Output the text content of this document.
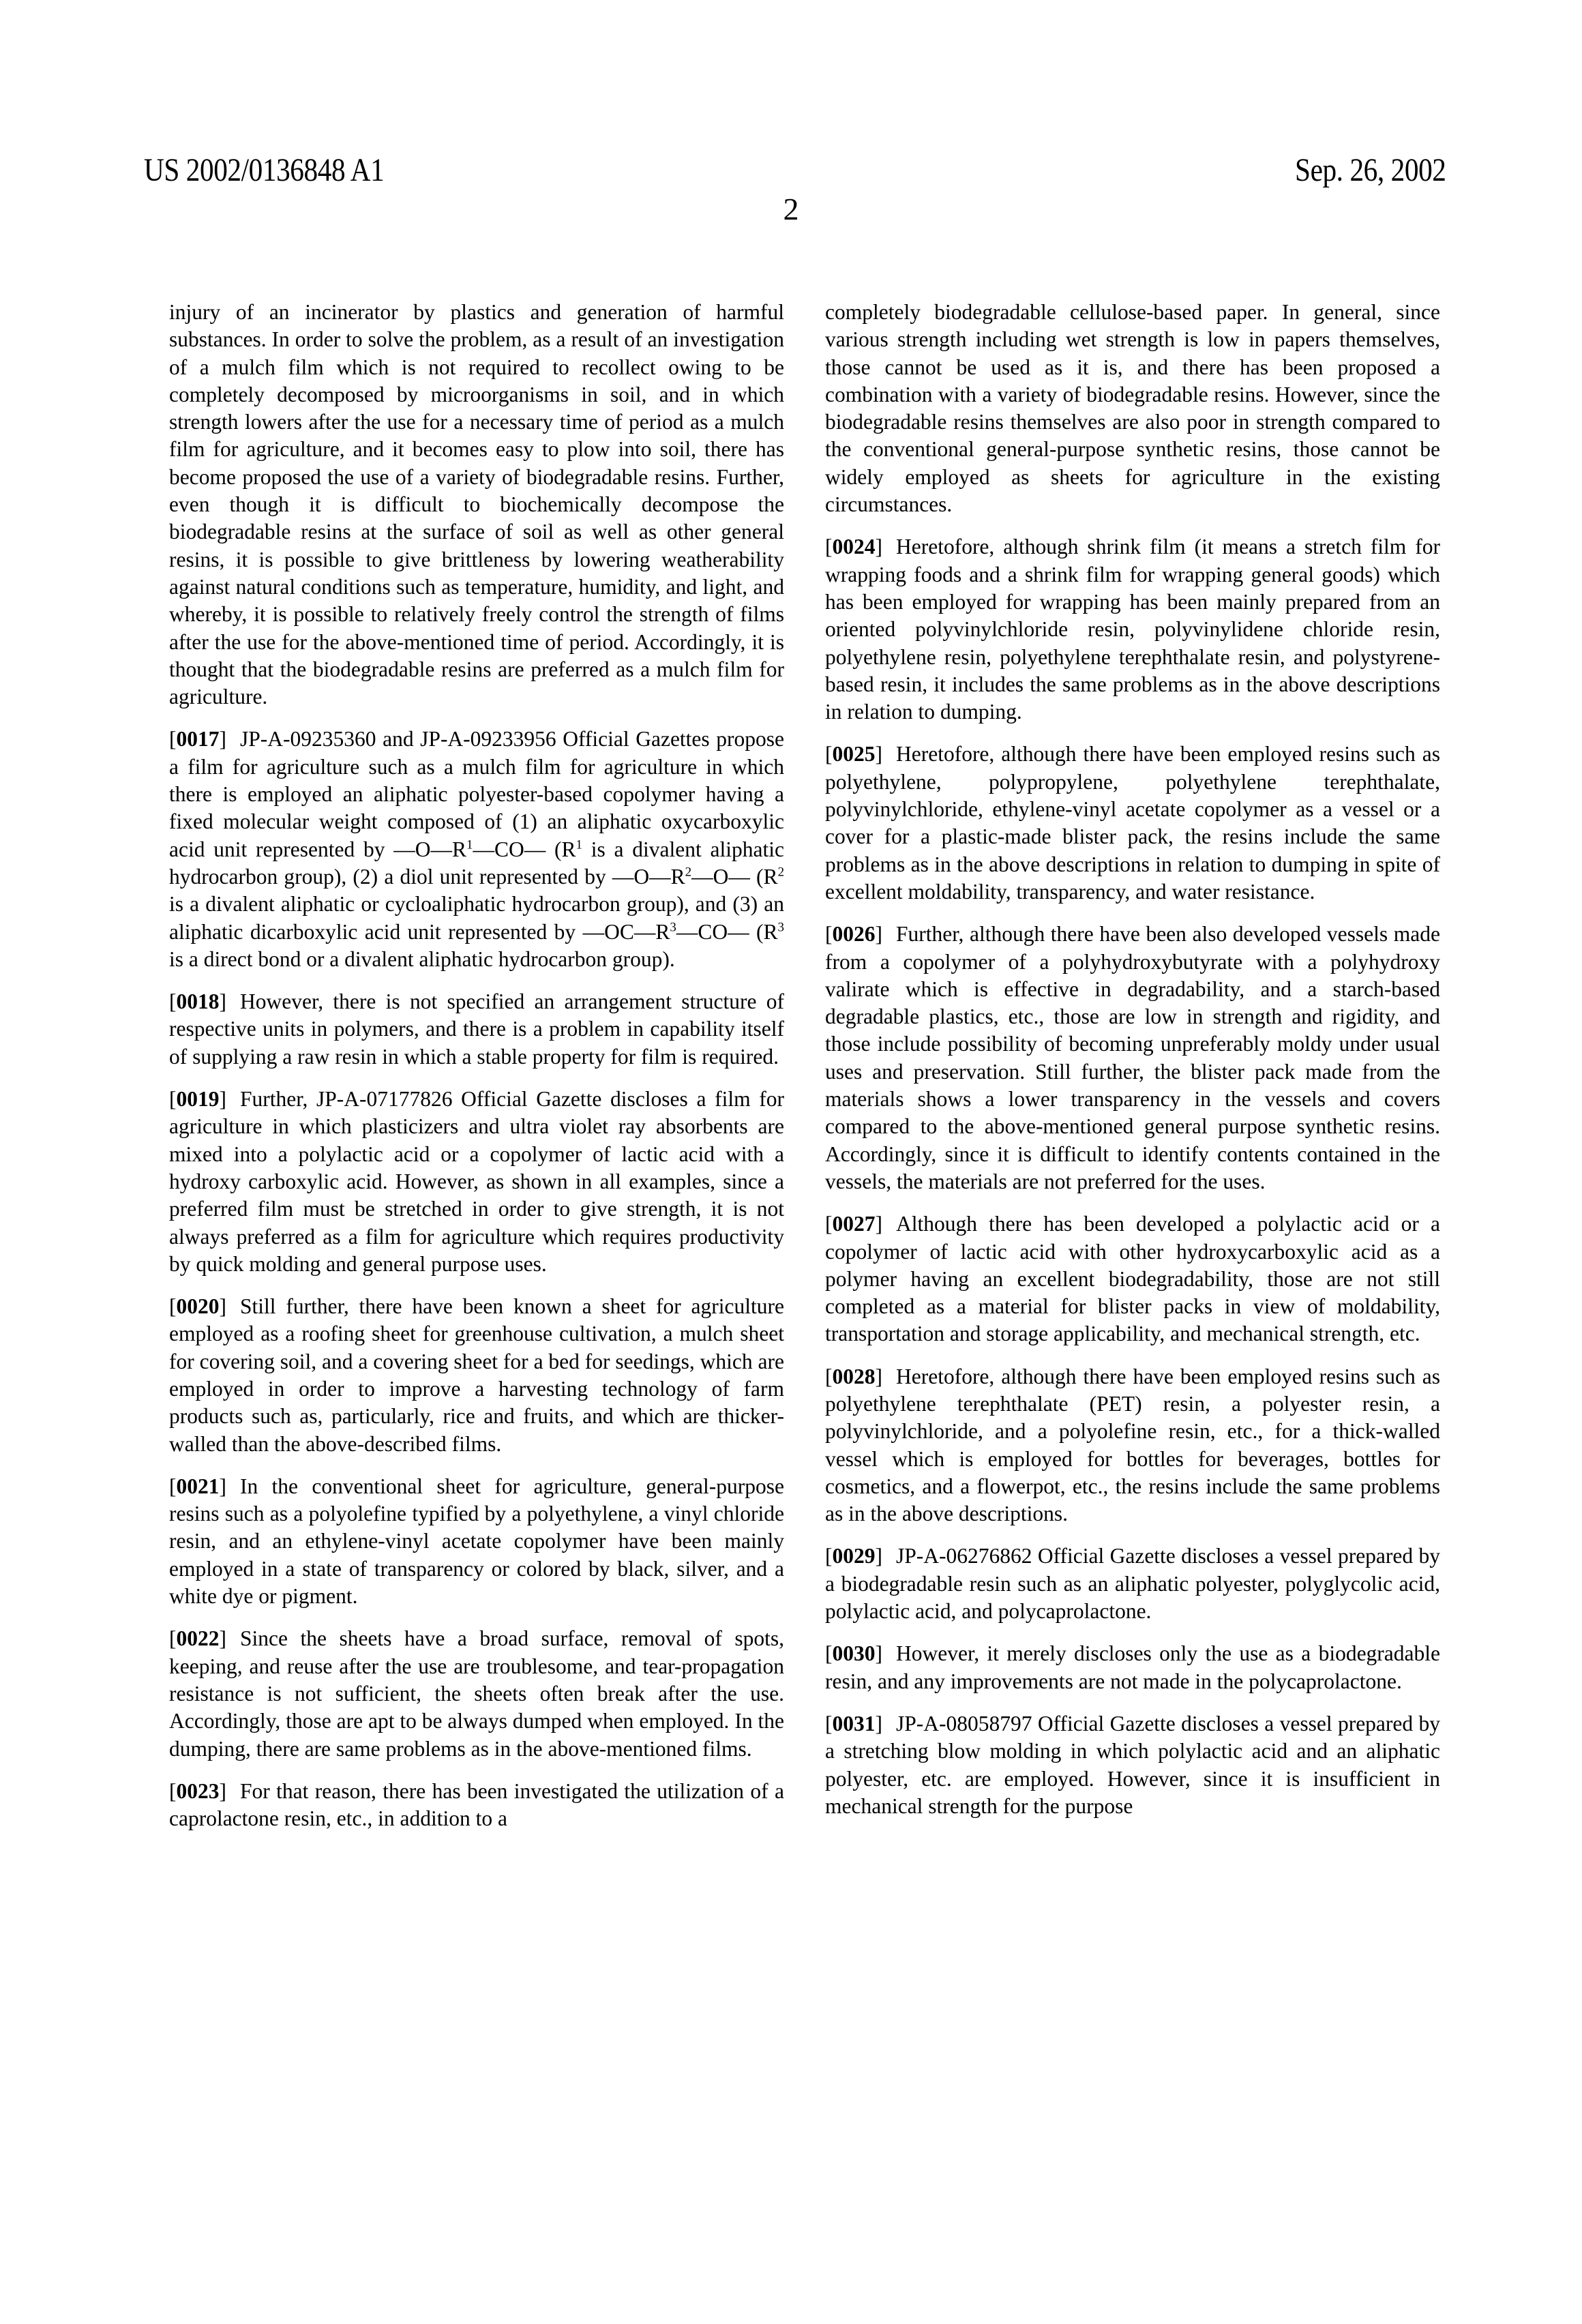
US 2002/0136848 A1	Sep. 26, 2002
2

injury of an incinerator by plastics and generation of harmful substances. In order to solve the problem, as a result of an investigation of a mulch film which is not required to recollect owing to be completely decomposed by microorganisms in soil, and in which strength lowers after the use for a necessary time of period as a mulch film for agriculture, and it becomes easy to plow into soil, there has become proposed the use of a variety of biodegradable resins. Further, even though it is difficult to biochemically decompose the biodegradable resins at the surface of soil as well as other general resins, it is possible to give brittleness by lowering weatherability against natural conditions such as temperature, humidity, and light, and whereby, it is possible to relatively freely control the strength of films after the use for the above-mentioned time of period. Accordingly, it is thought that the biodegradable resins are preferred as a mulch film for agriculture.

[0017] JP-A-09235360 and JP-A-09233956 Official Gazettes propose a film for agriculture such as a mulch film for agriculture in which there is employed an aliphatic polyester-based copolymer having a fixed molecular weight composed of (1) an aliphatic oxycarboxylic acid unit represented by $—O—R^1—CO—$ ($R^1$ is a divalent aliphatic hydrocarbon group), (2) a diol unit represented by $—O—R^2—O—$ ($R^2$ is a divalent aliphatic or cycloaliphatic hydrocarbon group), and (3) an aliphatic dicarboxylic acid unit represented by $—OC—R^3—CO—$ ($R^3$ is a direct bond or a divalent aliphatic hydrocarbon group).

[0018] However, there is not specified an arrangement structure of respective units in polymers, and there is a problem in capability itself of supplying a raw resin in which a stable property for film is required.

[0019] Further, JP-A-07177826 Official Gazette discloses a film for agriculture in which plasticizers and ultra violet ray absorbents are mixed into a polylactic acid or a copolymer of lactic acid with a hydroxy carboxylic acid. However, as shown in all examples, since a preferred film must be stretched in order to give strength, it is not always preferred as a film for agriculture which requires productivity by quick molding and general purpose uses.

[0020] Still further, there have been known a sheet for agriculture employed as a roofing sheet for greenhouse cultivation, a mulch sheet for covering soil, and a covering sheet for a bed for seedings, which are employed in order to improve a harvesting technology of farm products such as, particularly, rice and fruits, and which are thicker-walled than the above-described films.

[0021] In the conventional sheet for agriculture, general-purpose resins such as a polyolefine typified by a polyethylene, a vinyl chloride resin, and an ethylene-vinyl acetate copolymer have been mainly employed in a state of transparency or colored by black, silver, and a white dye or pigment.

[0022] Since the sheets have a broad surface, removal of spots, keeping, and reuse after the use are troublesome, and tear-propagation resistance is not sufficient, the sheets often break after the use. Accordingly, those are apt to be always dumped when employed. In the dumping, there are same problems as in the above-mentioned films.

[0023] For that reason, there has been investigated the utilization of a caprolactone resin, etc., in addition to a

completely biodegradable cellulose-based paper. In general, since various strength including wet strength is low in papers themselves, those cannot be used as it is, and there has been proposed a combination with a variety of biodegradable resins. However, since the biodegradable resins themselves are also poor in strength compared to the conventional general-purpose synthetic resins, those cannot be widely employed as sheets for agriculture in the existing circumstances.

[0024] Heretofore, although shrink film (it means a stretch film for wrapping foods and a shrink film for wrapping general goods) which has been employed for wrapping has been mainly prepared from an oriented polyvinylchloride resin, polyvinylidene chloride resin, polyethylene resin, polyethylene terephthalate resin, and polystyrene-based resin, it includes the same problems as in the above descriptions in relation to dumping.

[0025] Heretofore, although there have been employed resins such as polyethylene, polypropylene, polyethylene terephthalate, polyvinylchloride, ethylene-vinyl acetate copolymer as a vessel or a cover for a plastic-made blister pack, the resins include the same problems as in the above descriptions in relation to dumping in spite of excellent moldability, transparency, and water resistance.

[0026] Further, although there have been also developed vessels made from a copolymer of a polyhydroxybutyrate with a polyhydroxy valirate which is effective in degradability, and a starch-based degradable plastics, etc., those are low in strength and rigidity, and those include possibility of becoming unpreferably moldy under usual uses and preservation. Still further, the blister pack made from the materials shows a lower transparency in the vessels and covers compared to the above-mentioned general purpose synthetic resins. Accordingly, since it is difficult to identify contents contained in the vessels, the materials are not preferred for the uses.

[0027] Although there has been developed a polylactic acid or a copolymer of lactic acid with other hydroxycarboxylic acid as a polymer having an excellent biodegradability, those are not still completed as a material for blister packs in view of moldability, transportation and storage applicability, and mechanical strength, etc.

[0028] Heretofore, although there have been employed resins such as polyethylene terephthalate (PET) resin, a polyester resin, a polyvinylchloride, and a polyolefine resin, etc., for a thick-walled vessel which is employed for bottles for beverages, bottles for cosmetics, and a flowerpot, etc., the resins include the same problems as in the above descriptions.

[0029] JP-A-06276862 Official Gazette discloses a vessel prepared by a biodegradable resin such as an aliphatic polyester, polyglycolic acid, polylactic acid, and polycaprolactone.

[0030] However, it merely discloses only the use as a biodegradable resin, and any improvements are not made in the polycaprolactone.

[0031] JP-A-08058797 Official Gazette discloses a vessel prepared by a stretching blow molding in which polylactic acid and an aliphatic polyester, etc. are employed. However, since it is insufficient in mechanical strength for the purpose
